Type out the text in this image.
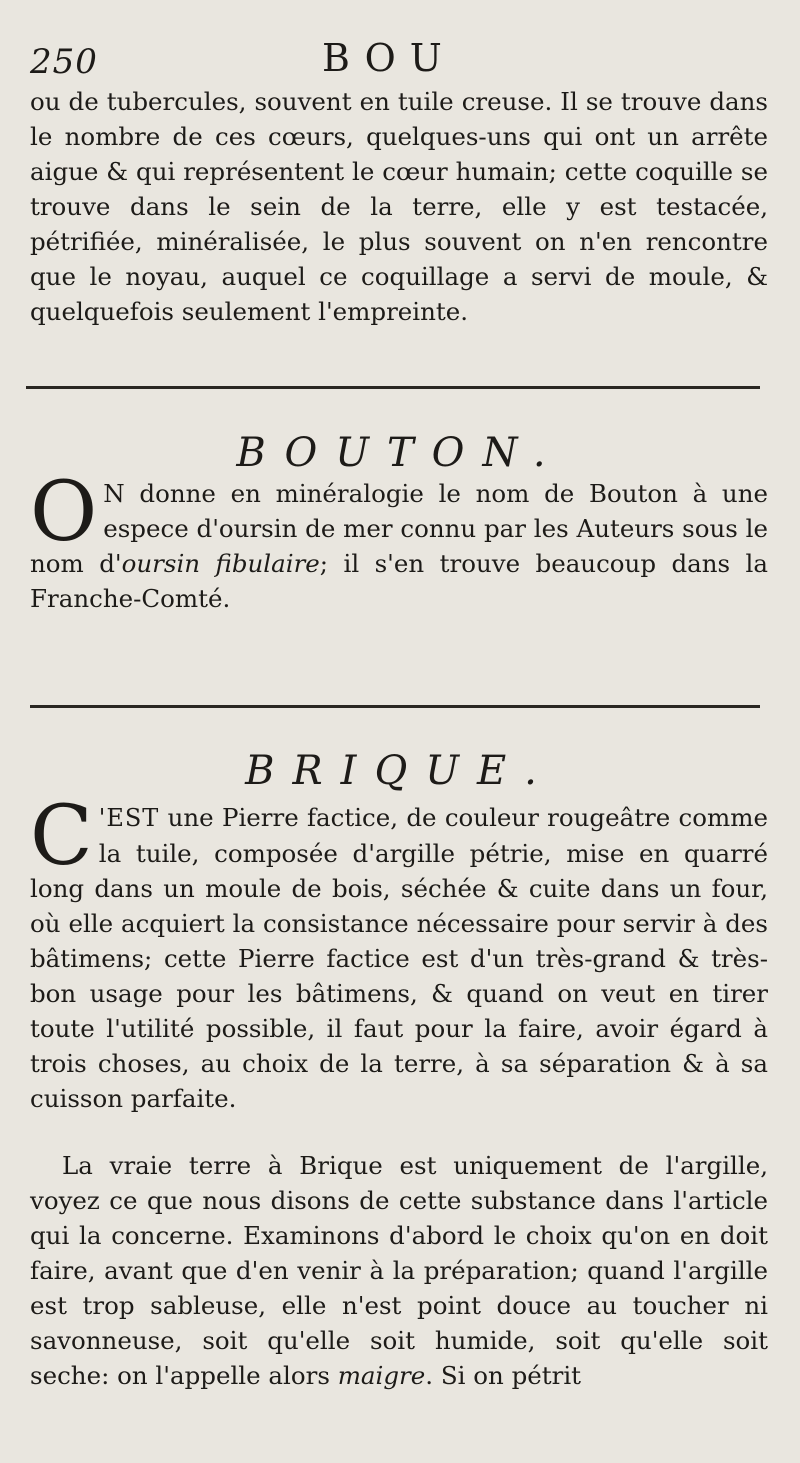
250	BOU

ou de tubercules, souvent en tuile creuse. Il se trouve dans le nombre de ces cœurs, quelques-uns qui ont un arrête aigue & qui représentent le cœur humain; cette coquille se trouve dans le sein de la terre, elle y est testacée, pétrifiée, minéralisée, le plus souvent on n'en rencontre que le noyau, auquel ce coquillage a servi de moule, & quelquefois seulement l'empreinte.

BOUTON.

O N donne en minéralogie le nom de Bouton à une espece d'oursin de mer connu par les Auteurs sous le nom d'oursin fibulaire; il s'en trouve beaucoup dans la Franche-Comté.

BRIQUE.

C 'EST une Pierre factice, de couleur rougeâtre comme la tuile, composée d'argille pétrie, mise en quarré long dans un moule de bois, séchée & cuite dans un four, où elle acquiert la consistance nécessaire pour servir à des bâtimens; cette Pierre factice est d'un très-grand & très-bon usage pour les bâtimens, & quand on veut en tirer toute l'utilité possible, il faut pour la faire, avoir égard à trois choses, au choix de la terre, à sa séparation & à sa cuisson parfaite.

La vraie terre à Brique est uniquement de l'argille, voyez ce que nous disons de cette substance dans l'article qui la concerne. Examinons d'abord le choix qu'on en doit faire, avant que d'en venir à la préparation; quand l'argille est trop sableuse, elle n'est point douce au toucher ni savonneuse, soit qu'elle soit humide, soit qu'elle soit seche: on l'appelle alors maigre. Si on pétrit
